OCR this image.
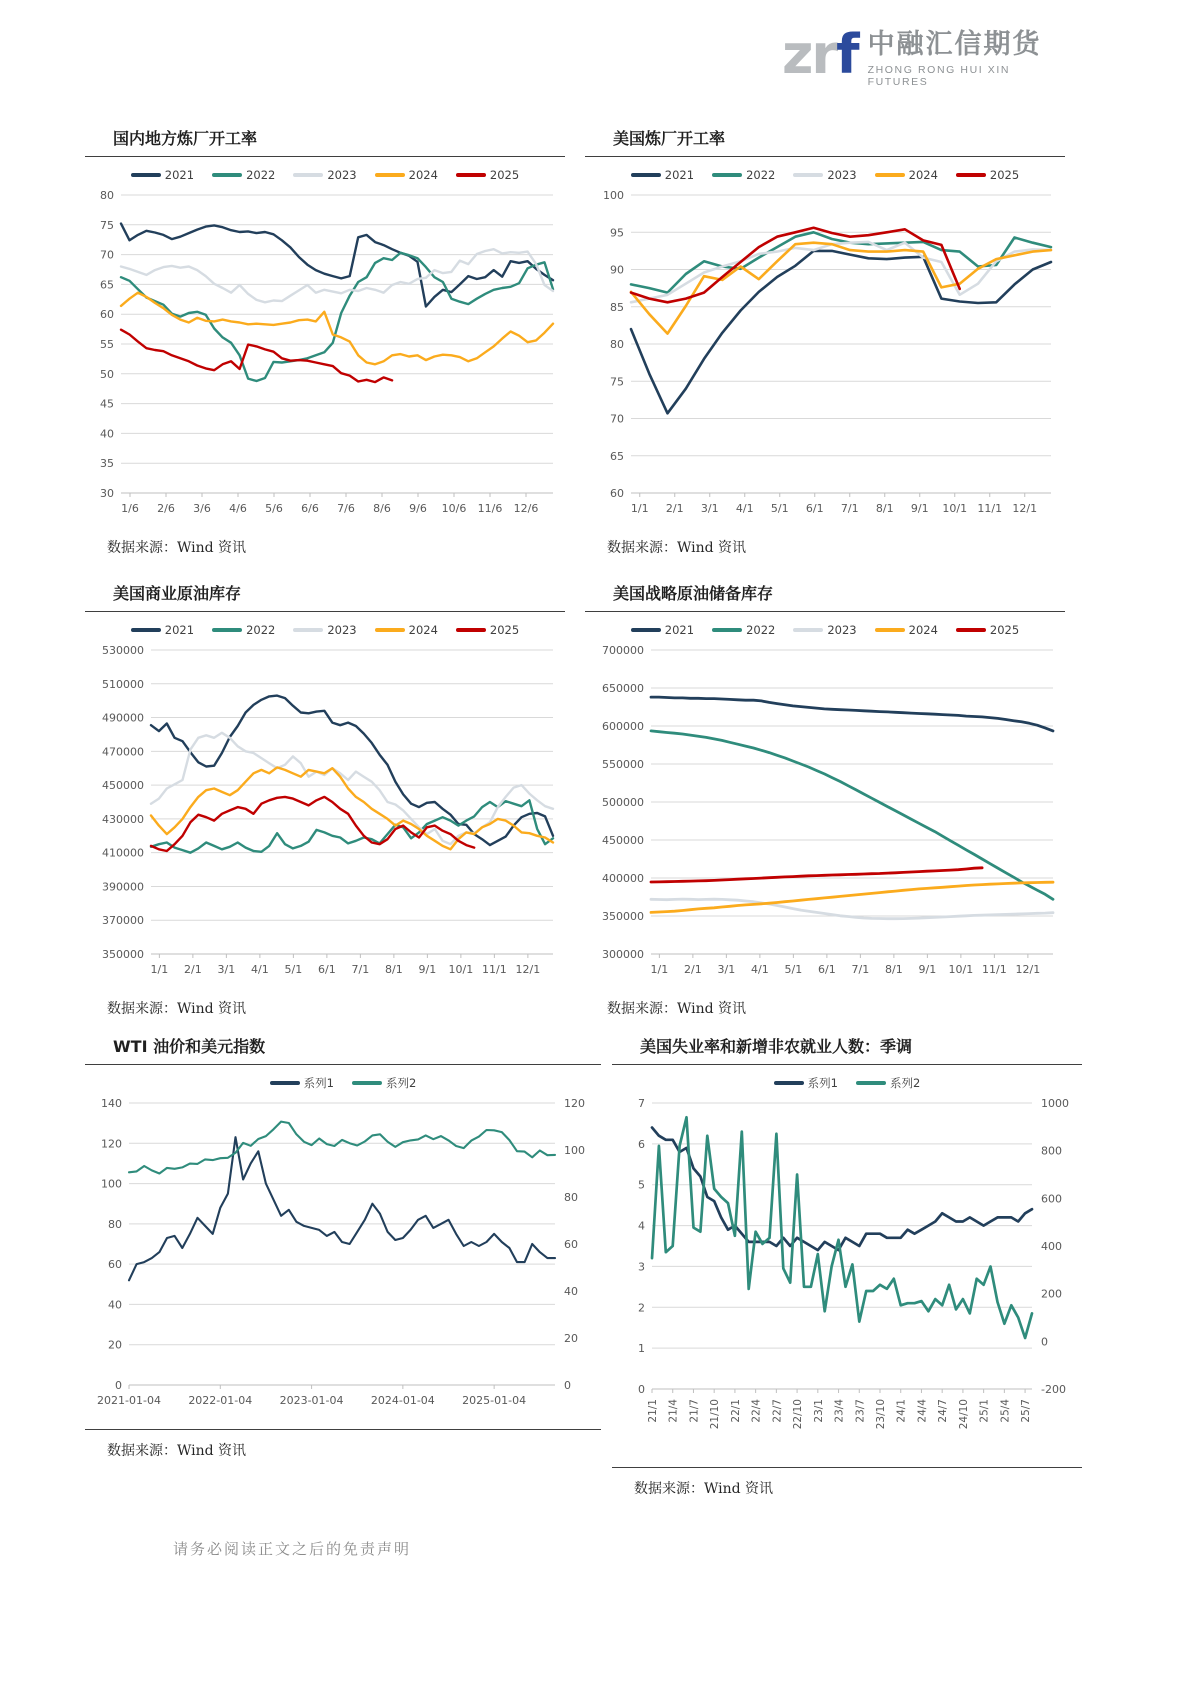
zrf 中融汇信期货
ZHONG RONG HUI XIN FUTURES
国内地方炼厂开工率
2021	2022	2023	2024	2025
30
35
40
45
50
55
60
65
70
75
80
1/6 2/6 3/6 4/6 5/6 6/6 7/6 8/6 9/6 10/6 11/6 12/6
数据来源：Wind 资讯
美国炼厂开工率
2021	2022	2023	2024	2025
60
65
70
75
80
85
90
95
100
1/1 2/1 3/1 4/1 5/1 6/1 7/1 8/1 9/1 10/1 11/1 12/1
数据来源：Wind 资讯
美国商业原油库存
2021	2022	2023	2024	2025
350000
370000
390000
410000
430000
450000
470000
490000
510000
530000
1/1 2/1 3/1 4/1 5/1 6/1 7/1 8/1 9/1 10/1 11/1 12/1
数据来源：Wind 资讯
美国战略原油储备库存
2021	2022	2023	2024	2025
300000
350000
400000
450000
500000
550000
600000
650000
700000
1/1 2/1 3/1 4/1 5/1 6/1 7/1 8/1 9/1 10/1 11/1 12/1
数据来源：Wind 资讯
WTI 油价和美元指数
系列1	系列2
0
20
40
60
80
100
120
140
0
20
40
60
80
100
120
2021-01-04 2022-01-04 2023-01-04 2024-01-04 2025-01-04
数据来源：Wind 资讯
美国失业率和新增非农就业人数：季调
系列1	系列2
0
1
2
3
4
5
6
7
-200
0
200
400
600
800
1000
21/1 21/4 21/7 21/10 22/1 22/4 22/7 22/10 23/1 23/4 23/7 23/10 24/1 24/4 24/7 24/10 25/1 25/4 25/7
数据来源：Wind 资讯
请务必阅读正文之后的免责声明
